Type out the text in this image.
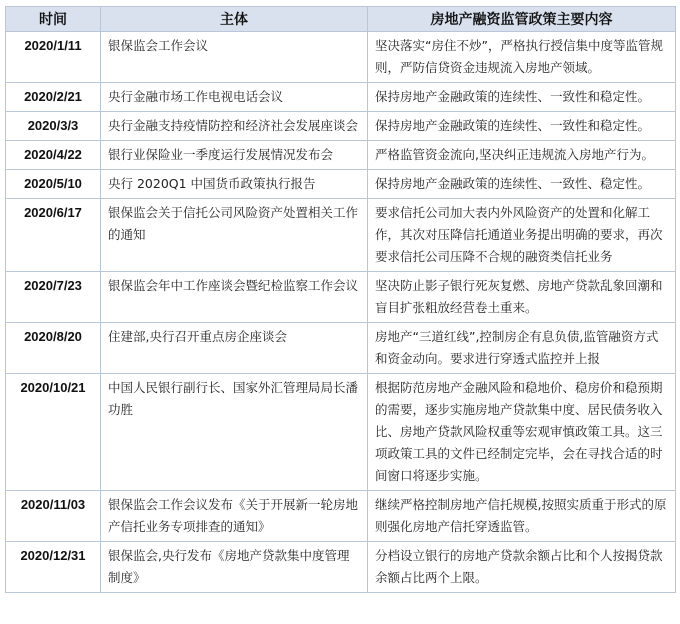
时间	主体	房地产融资监管政策主要内容
2020/1/11	银保监会工作会议	坚决落实“房住不炒”，严格执行授信集中度等监管规则，严防信贷资金违规流入房地产领域。
2020/2/21	央行金融市场工作电视电话会议	保持房地产金融政策的连续性、一致性和稳定性。
2020/3/3	央行金融支持疫情防控和经济社会发展座谈会	保持房地产金融政策的连续性、一致性和稳定性。
2020/4/22	银行业保险业一季度运行发展情况发布会	严格监管资金流向,坚决纠正违规流入房地产行为。
2020/5/10	央行 2020Q1 中国货币政策执行报告	保持房地产金融政策的连续性、一致性、稳定性。
2020/6/17	银保监会关于信托公司风险资产处置相关工作的通知	要求信托公司加大表内外风险资产的处置和化解工作，其次对压降信托通道业务提出明确的要求，再次要求信托公司压降不合规的融资类信托业务
2020/7/23	银保监会年中工作座谈会暨纪检监察工作会议	坚决防止影子银行死灰复燃、房地产贷款乱象回潮和盲目扩张粗放经营卷土重来。
2020/8/20	住建部,央行召开重点房企座谈会	房地产“三道红线”,控制房企有息负债,监管融资方式和资金动向。要求进行穿透式监控并上报
2020/10/21	中国人民银行副行长、国家外汇管理局局长潘功胜	根据防范房地产金融风险和稳地价、稳房价和稳预期的需要，逐步实施房地产贷款集中度、居民债务收入比、房地产贷款风险权重等宏观审慎政策工具。这三项政策工具的文件已经制定完毕，会在寻找合适的时间窗口将逐步实施。
2020/11/03	银保监会工作会议发布《关于开展新一轮房地产信托业务专项排查的通知》	继续严格控制房地产信托规模,按照实质重于形式的原则强化房地产信托穿透监管。
2020/12/31	银保监会,央行发布《房地产贷款集中度管理制度》	分档设立银行的房地产贷款余额占比和个人按揭贷款余额占比两个上限。
